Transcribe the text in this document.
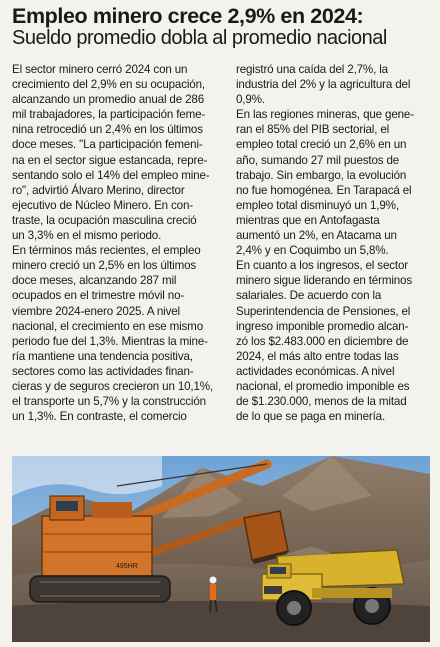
Empleo minero crece 2,9% en 2024:
Sueldo promedio dobla al promedio nacional

El sector minero cerró 2024 con un
crecimiento del 2,9% en su ocupación,
alcanzando un promedio anual de 286
mil trabajadores, la participación feme-
nina retrocedió un 2,4% en los últimos
doce meses. "La participación femeni-
na en el sector sigue estancada, repre-
sentando solo el 14% del empleo mine-
ro", advirtió Álvaro Merino, director
ejecutivo de Núcleo Minero. En con-
traste, la ocupación masculina creció
un 3,3% en el mismo periodo.

En términos más recientes, el empleo
minero creció un 2,5% en los últimos
doce meses, alcanzando 287 mil
ocupados en el trimestre móvil no-
viembre 2024-enero 2025. A nivel
nacional, el crecimiento en ese mismo
periodo fue del 1,3%. Mientras la mine-
ría mantiene una tendencia positiva,
sectores como las actividades finan-
cieras y de seguros crecieron un 10,1%,
el transporte un 5,7% y la construcción
un 1,3%. En contraste, el comercio

registró una caída del 2,7%, la
industria del 2% y la agricultura del
0,9%.

En las regiones mineras, que gene-
ran el 85% del PIB sectorial, el
empleo total creció un 2,6% en un
año, sumando 27 mil puestos de
trabajo. Sin embargo, la evolución
no fue homogénea. En Tarapacá el
empleo total disminuyó un 1,9%,
mientras que en Antofagasta
aumentó un 2%, en Atacama un
2,4% y en Coquimbo un 5,8%.

En cuanto a los ingresos, el sector
minero sigue liderando en términos
salariales. De acuerdo con la
Superintendencia de Pensiones, el
ingreso imponible promedio alcan-
zó los $2.483.000 en diciembre de
2024, el más alto entre todas las
actividades económicas. A nivel
nacional, el promedio imponible es
de $1.230.000, menos de la mitad
de lo que se paga en minería.

495HR
